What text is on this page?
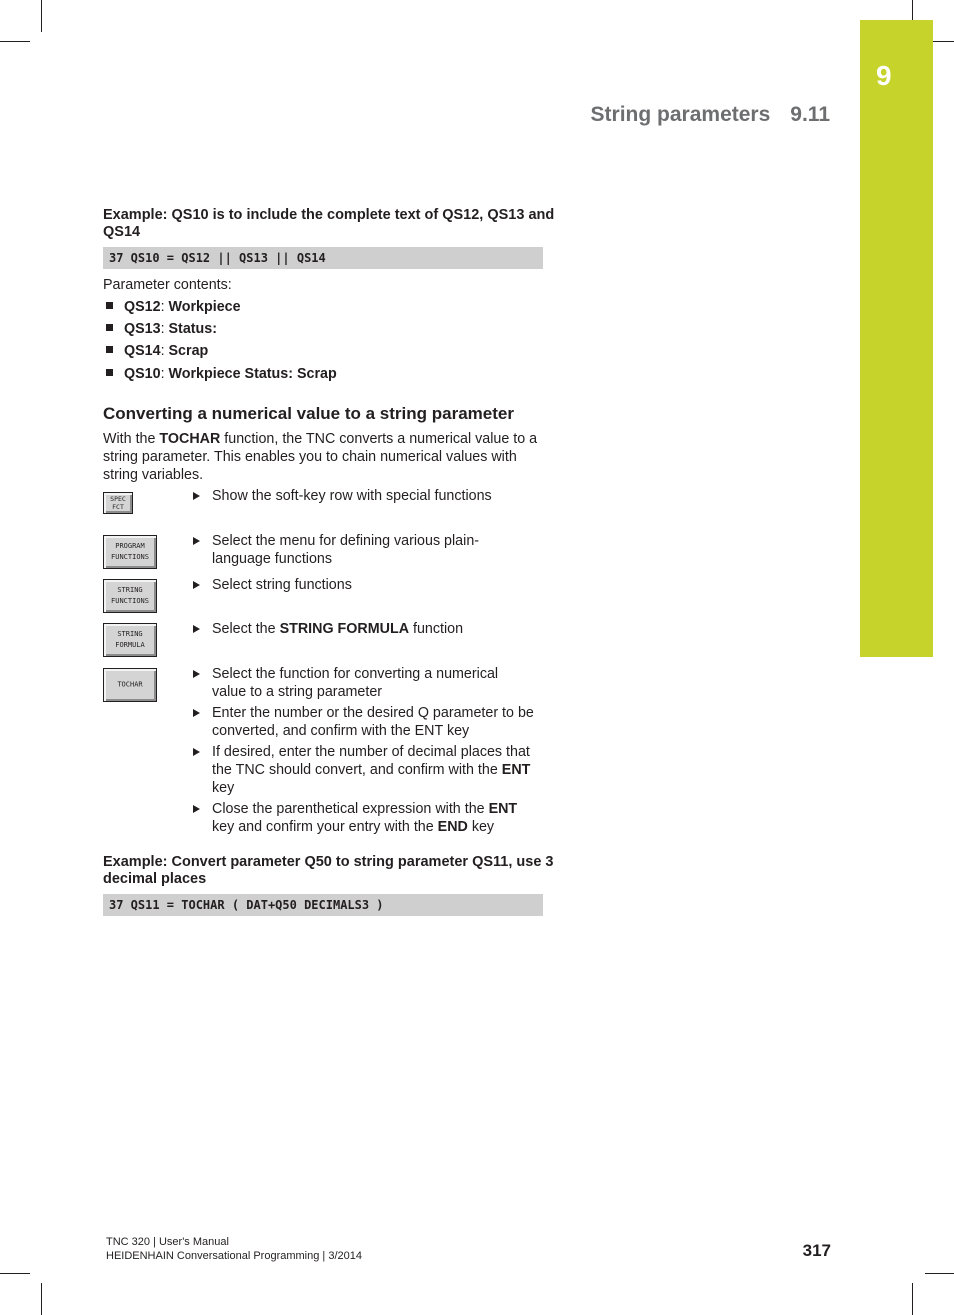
9
String parameters 9.11
Example: QS10 is to include the complete text of QS12, QS13 and QS14
37 QS10 = QS12 || QS13 || QS14
Parameter contents:
QS12: Workpiece
QS13: Status:
QS14: Scrap
QS10: Workpiece Status: Scrap
Converting a numerical value to a string parameter
With the TOCHAR function, the TNC converts a numerical value to a string parameter. This enables you to chain numerical values with string variables.
SPEC
FCT
PROGRAM
FUNCTIONS
STRING
FUNCTIONS
STRING
FORMULA
TOCHAR
Show the soft-key row with special functions
Select the menu for defining various plain-language functions
Select string functions
Select the STRING FORMULA function
Select the function for converting a numerical value to a string parameter
Enter the number or the desired Q parameter to be converted, and confirm with the ENT key
If desired, enter the number of decimal places that the TNC should convert, and confirm with the ENT key
Close the parenthetical expression with the ENT key and confirm your entry with the END key
Example: Convert parameter Q50 to string parameter QS11, use 3 decimal places
37 QS11 = TOCHAR ( DAT+Q50 DECIMALS3 )
TNC 320 | User's Manual
HEIDENHAIN Conversational Programming | 3/2014	317
